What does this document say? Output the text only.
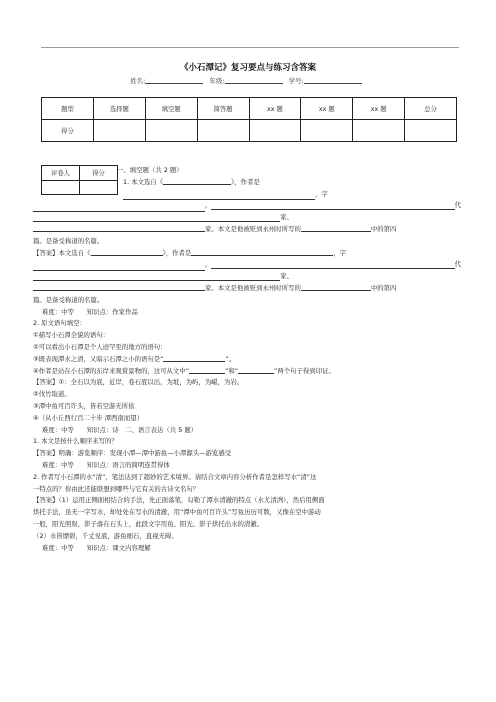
《小石潭记》复习要点与练习含答案
姓名:	年级:	学号:
题型	选择题	填空题	简答题	xx 题	xx 题	xx 题	总分
得分							
评卷人	得分
		一、填空题（共 2 题）
1. 本文选自《	》，作者是
，字
，	代
家、
家。本文是他被贬到永州时所写的	中的第四
篇。是备受称道的名篇。
【答案】本文选自《	》，作者是	，字
，	代
家、
家。本文是他被贬到永州时所写的	中的第四
篇。是备受称道的名篇。
难度：中等　　知识点：作家作品
2. 原文语句填空：
①描写小石潭全貌的语句：
②可以看出小石潭是个人迹罕至的地方的语句：
③既表现潭水之清，又暗示石潭之小的语句是“	”。
④作者是站在小石潭的东岸来观赏景物的，这可从文中“	”和“	”两个句子得到印证。
【答案】①：全石以为底，近岸，卷石底以出，为坻，为屿，为嵁，为岩。
②伐竹取道。
③潭中鱼可百许头，皆若空游无所依
④（从小丘西行百二十步 潭西南而望）
难度：中等　　知识点：诗　二、语言表达（共 5 题）
1. 本文是按什么顺序来写的？
【答案】明确：游览顺序：发现小潭—潭中游鱼—小潭源头—游览感受
难度：中等　　知识点：语言的简明连贯得体
2. 作者写小石潭的水“清”，笔法达到了超妙的艺术境界。请结合文章内容分析作者是怎样写水“清”这
一特点的？你由此还能联想到哪些与它有关的古诗文名句？
【答案】（1）运用正侧面相结合的手法，先正面落笔，勾勒了潭水清澈的特点（水尤清洌），然后用侧面
烘托手法，虽无一字写水，却处处在写水的清澈，用“潭中鱼可百许头”写鱼历历可数，又像在空中游动
一般，阳光照射，影子落在石头上，此段文字用鱼、阳光、影子烘托出水的清澈。
（2）水皆缥碧，千丈见底，游鱼细石，直视无碍。
难度：中等　　知识点：课文内容理解
